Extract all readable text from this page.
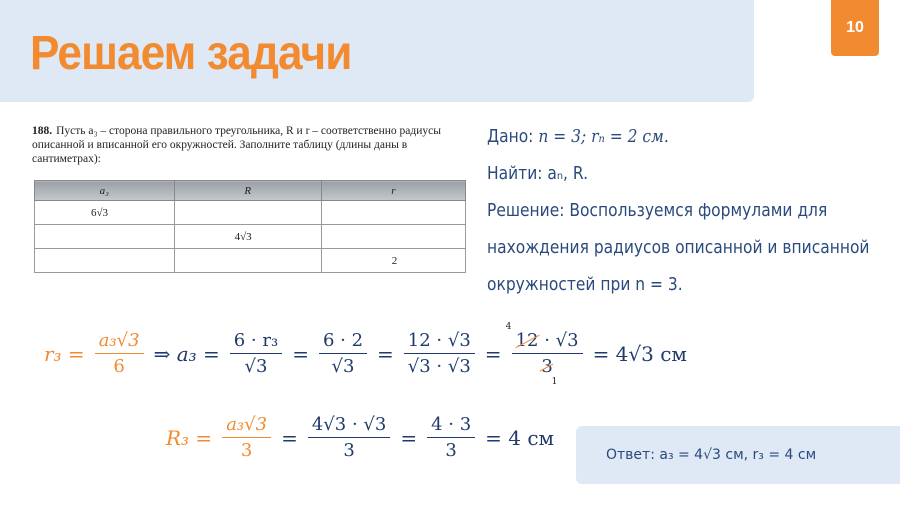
Решаем задачи	10
188. Пусть a₃ – сторона правильного треугольника, R и r – соответственно радиусы описанной и вписанной его окружностей. Заполните таблицу (длины даны в сантиметрах):
a₃	R	r
6√3		
	4√3	
		2
Дано: n = 3; rₙ = 2 см.
Найти: aₙ, R.
Решение: Воспользуемся формулами для
нахождения радиусов описанной и вписанной
окружностей при n = 3.
$r_3 = \frac{\text{a₃√3}}{6}$ ⇒ $a_3 = \frac{\text{6 · r₃}}{√3} = \frac{6 \cdot 2}{√3} = \frac{12 \cdot √3}{√3 \cdot √3}$ =
4
12 · √3
3
1
= 4√3 см
$R_3 = \frac{\text{a₃√3}}{3} = \frac{4√3 \cdot √3}{3} = \frac{4 \cdot 3}{3} = 4$ см
Ответ: a₃ = 4√3 см, r₃ = 4 см
